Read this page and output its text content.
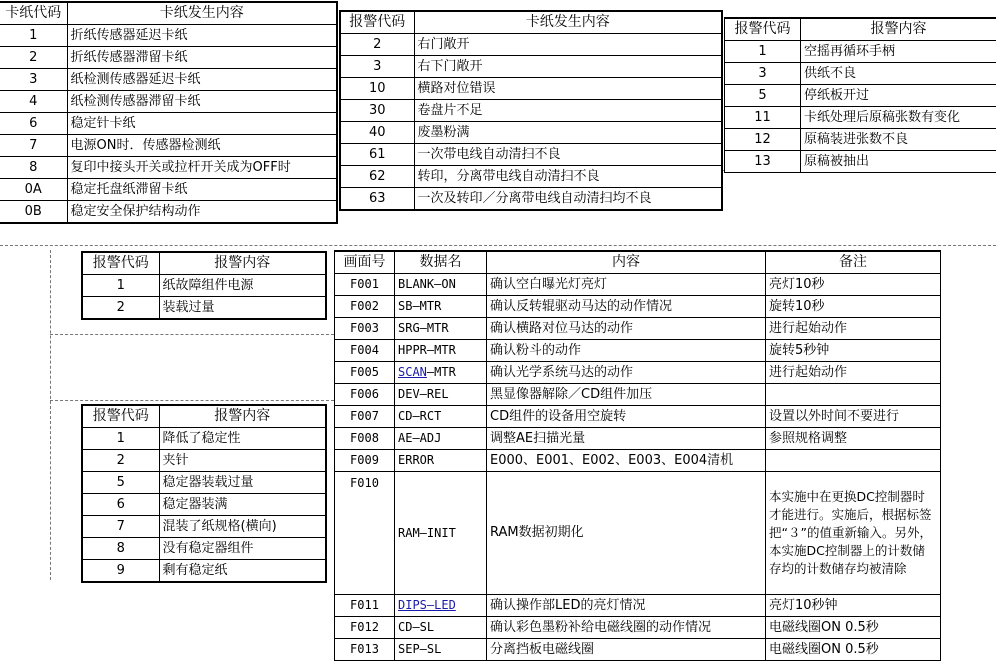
卡纸代码	卡纸发生内容
1	折纸传感器延迟卡纸
2	折纸传感器滞留卡纸
3	纸检测传感器延迟卡纸
4	纸检测传感器滞留卡纸
6	稳定针卡纸
7	电源ON时．传感器检测纸
8	复印中接头开关或拉杆开关成为OFF时
0A	稳定托盘纸滞留卡纸
0B	稳定安全保护结构动作
报警代码	卡纸发生内容
2	右门敞开
3	右下门敞开
10	横路对位错误
30	卷盘片不足
40	废墨粉满
61	一次带电线自动清扫不良
62	转印，分离带电线自动清扫不良
63	一次及转印／分离带电线自动清扫均不良
报警代码	报警内容
1	空摇再循环手柄
3	供纸不良
5	停纸板开过
11	卡纸处理后原稿张数有变化
12	原稿装进张数不良
13	原稿被抽出
报警代码	报警内容
1	纸故障组件电源
2	装载过量
报警代码	报警内容
1	降低了稳定性
2	夹针
5	稳定器装载过量
6	稳定器装满
7	混装了纸规格(横向)
8	没有稳定器组件
9	剩有稳定纸
画面号	数据名	内容	备注
F001	BLANK—ON	确认空白曝光灯亮灯	亮灯10秒
F002	SB—MTR	确认反转辊驱动马达的动作情况	旋转10秒
F003	SRG—MTR	确认横路对位马达的动作	进行起始动作
F004	HPPR—MTR	确认粉斗的动作	旋转5秒钟
F005	SCAN—MTR	确认光学系统马达的动作	进行起始动作
F006	DEV—REL	黑显像器解除／CD组件加压	
F007	CD—RCT	CD组件的设备用空旋转	设置以外时间不要进行
F008	AE—ADJ	调整AE扫描光量	参照规格调整
F009	ERROR	E000、E001、E002、E003、E004清机	
F010	RAM—INIT	RAM数据初期化	本实施中在更换DC控制器时才能进行。实施后，根据标签把“３”的值重新输入。另外，本实施DC控制器上的计数储存均的计数储存均被清除
F011	DIPS—LED	确认操作部LED的亮灯情况	亮灯10秒钟
F012	CD—SL	确认彩色墨粉补给电磁线圈的动作情况	电磁线圈ON 0.5秒
F013	SEP—SL	分离挡板电磁线圈	电磁线圈ON 0.5秒
